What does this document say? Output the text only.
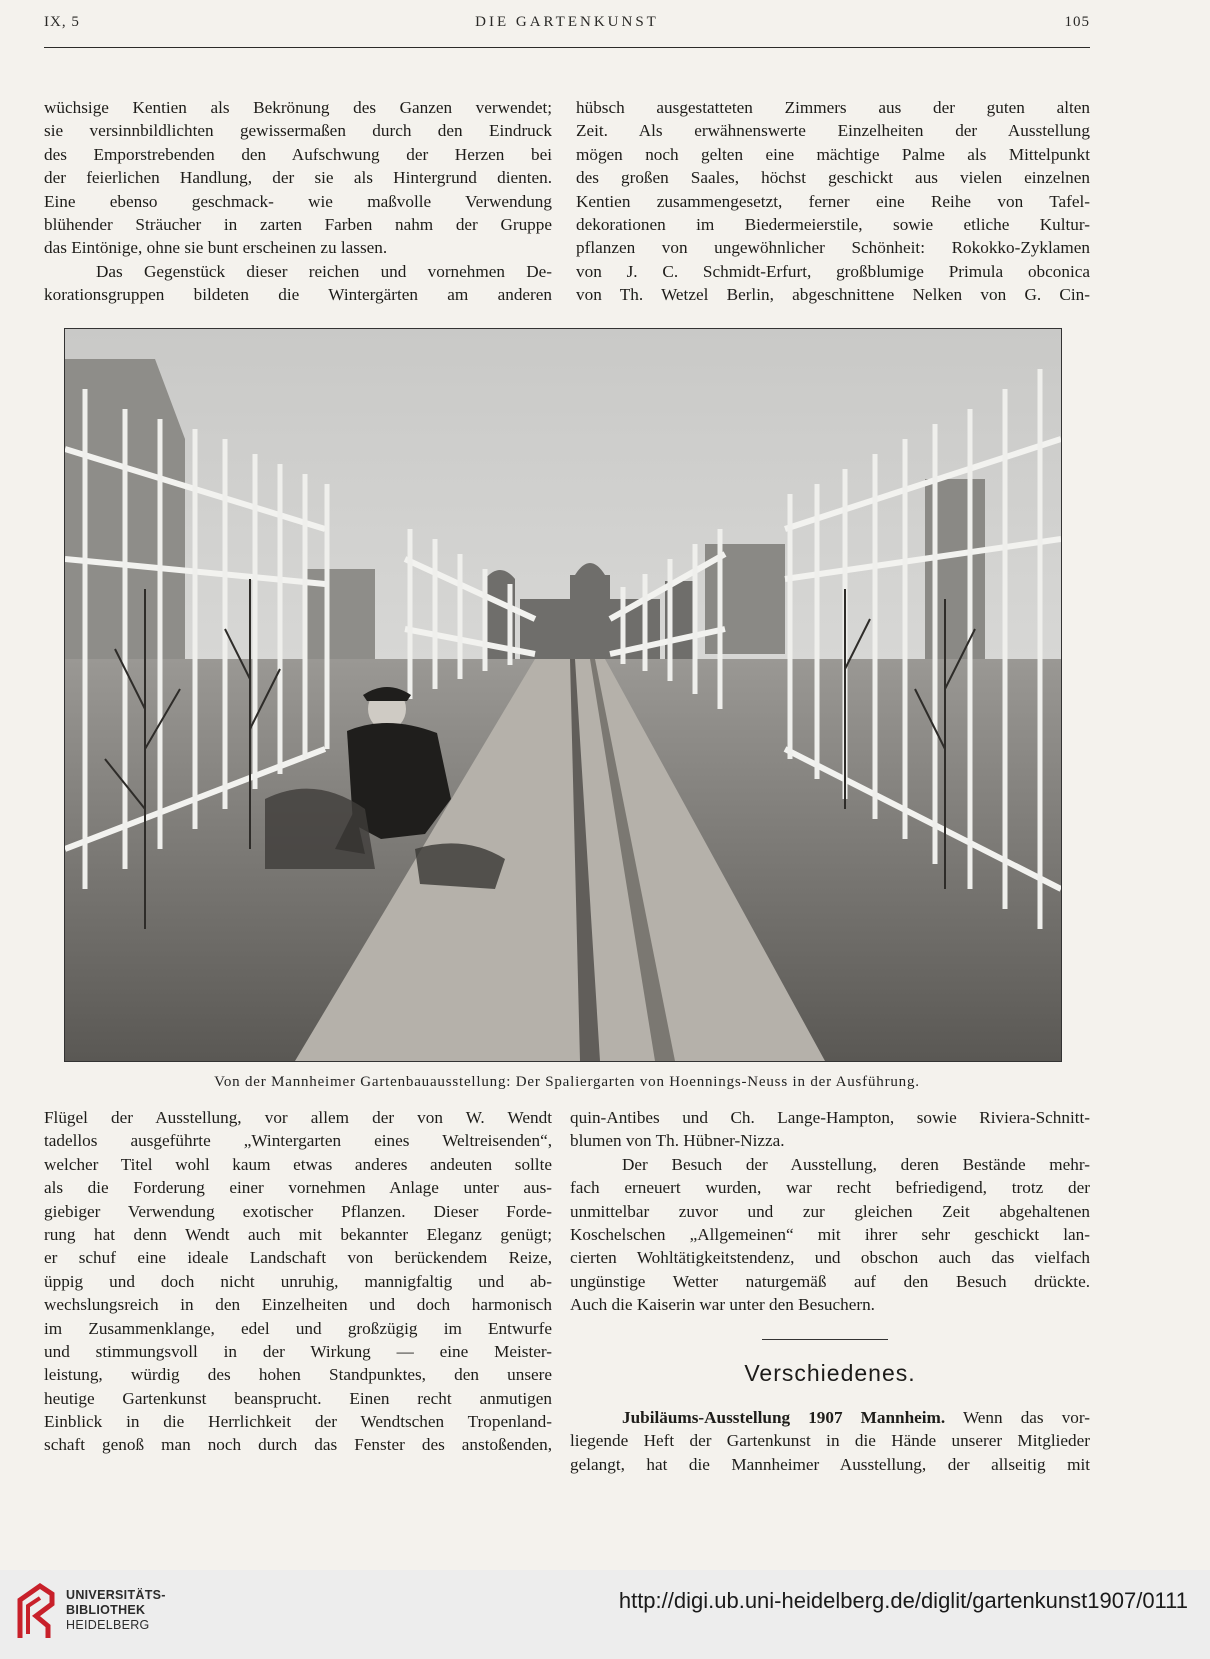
IX, 5	DIE GARTENKUNST	105
wüchsige Kentien als Bekrönung des Ganzen verwendet;
sie versinnbildlichten gewissermaßen durch den Eindruck
des Emporstrebenden den Aufschwung der Herzen bei
der feierlichen Handlung, der sie als Hintergrund dienten.
Eine ebenso geschmack- wie maßvolle Verwendung
blühender Sträucher in zarten Farben nahm der Gruppe
das Eintönige, ohne sie bunt erscheinen zu lassen.
Das Gegenstück dieser reichen und vornehmen De-
korationsgruppen bildeten die Wintergärten am anderen
hübsch ausgestatteten Zimmers aus der guten alten
Zeit. Als erwähnenswerte Einzelheiten der Ausstellung
mögen noch gelten eine mächtige Palme als Mittelpunkt
des großen Saales, höchst geschickt aus vielen einzelnen
Kentien zusammengesetzt, ferner eine Reihe von Tafel-
dekorationen im Biedermeierstile, sowie etliche Kultur-
pflanzen von ungewöhnlicher Schönheit: Rokokko-Zyklamen
von J. C. Schmidt-Erfurt, großblumige Primula obconica
von Th. Wetzel Berlin, abgeschnittene Nelken von G. Cin-
Von der Mannheimer Gartenbauausstellung: Der Spaliergarten von Hoennings-Neuss in der Ausführung.
Flügel der Ausstellung, vor allem der von W. Wendt
tadellos ausgeführte „Wintergarten eines Weltreisenden“,
welcher Titel wohl kaum etwas anderes andeuten sollte
als die Forderung einer vornehmen Anlage unter aus-
giebiger Verwendung exotischer Pflanzen. Dieser Forde-
rung hat denn Wendt auch mit bekannter Eleganz genügt;
er schuf eine ideale Landschaft von berückendem Reize,
üppig und doch nicht unruhig, mannigfaltig und ab-
wechslungsreich in den Einzelheiten und doch harmonisch
im Zusammenklange, edel und großzügig im Entwurfe
und stimmungsvoll in der Wirkung — eine Meister-
leistung, würdig des hohen Standpunktes, den unsere
heutige Gartenkunst beansprucht. Einen recht anmutigen
Einblick in die Herrlichkeit der Wendtschen Tropenland-
schaft genoß man noch durch das Fenster des anstoßenden,
quin-Antibes und Ch. Lange-Hampton, sowie Riviera-Schnitt-
blumen von Th. Hübner-Nizza.
Der Besuch der Ausstellung, deren Bestände mehr-
fach erneuert wurden, war recht befriedigend, trotz der
unmittelbar zuvor und zur gleichen Zeit abgehaltenen
Koschelschen „Allgemeinen“ mit ihrer sehr geschickt lan-
cierten Wohltätigkeitstendenz, und obschon auch das vielfach
ungünstige Wetter naturgemäß auf den Besuch drückte.
Auch die Kaiserin war unter den Besuchern.
Verschiedenes.
Jubiläums-Ausstellung 1907 Mannheim. Wenn das vor-
liegende Heft der Gartenkunst in die Hände unserer Mitglieder
gelangt, hat die Mannheimer Ausstellung, der allseitig mit
UNIVERSITÄTS-
BIBLIOTHEK
HEIDELBERG
http://digi.ub.uni-heidelberg.de/diglit/gartenkunst1907/0111
